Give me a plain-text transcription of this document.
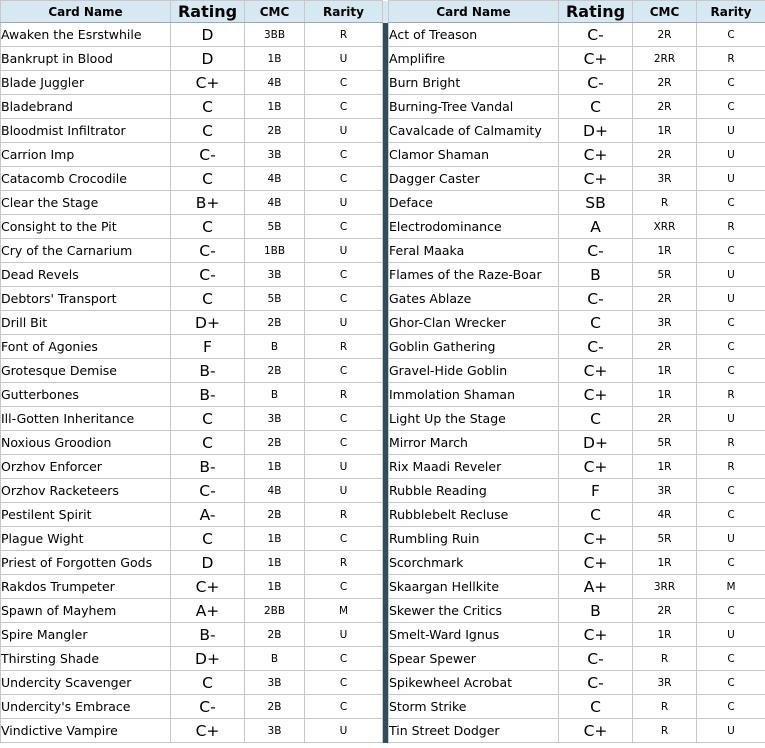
Card Name	Rating	CMC	Rarity		Card Name	Rating	CMC	Rarity
Awaken the Esrstwhile	D	3BB	R		Act of Treason	C-	2R	C
Bankrupt in Blood	D	1B	U		Amplifire	C+	2RR	R
Blade Juggler	C+	4B	C		Burn Bright	C-	2R	C
Bladebrand	C	1B	C		Burning-Tree Vandal	C	2R	C
Bloodmist Infiltrator	C	2B	U		Cavalcade of Calmamity	D+	1R	U
Carrion Imp	C-	3B	C		Clamor Shaman	C+	2R	U
Catacomb Crocodile	C	4B	C		Dagger Caster	C+	3R	U
Clear the Stage	B+	4B	U		Deface	SB	R	C
Consight to the Pit	C	5B	C		Electrodominance	A	XRR	R
Cry of the Carnarium	C-	1BB	U		Feral Maaka	C-	1R	C
Dead Revels	C-	3B	C		Flames of the Raze-Boar	B	5R	U
Debtors' Transport	C	5B	C		Gates Ablaze	C-	2R	U
Drill Bit	D+	2B	U		Ghor-Clan Wrecker	C	3R	C
Font of Agonies	F	B	R		Goblin Gathering	C-	2R	C
Grotesque Demise	B-	2B	C		Gravel-Hide Goblin	C+	1R	C
Gutterbones	B-	B	R		Immolation Shaman	C+	1R	R
Ill-Gotten Inheritance	C	3B	C		Light Up the Stage	C	2R	U
Noxious Groodion	C	2B	C		Mirror March	D+	5R	R
Orzhov Enforcer	B-	1B	U		Rix Maadi Reveler	C+	1R	R
Orzhov Racketeers	C-	4B	U		Rubble Reading	F	3R	C
Pestilent Spirit	A-	2B	R		Rubblebelt Recluse	C	4R	C
Plague Wight	C	1B	C		Rumbling Ruin	C+	5R	U
Priest of Forgotten Gods	D	1B	R		Scorchmark	C+	1R	C
Rakdos Trumpeter	C+	1B	C		Skaargan Hellkite	A+	3RR	M
Spawn of Mayhem	A+	2BB	M		Skewer the Critics	B	2R	C
Spire Mangler	B-	2B	U		Smelt-Ward Ignus	C+	1R	U
Thirsting Shade	D+	B	C		Spear Spewer	C-	R	C
Undercity Scavenger	C	3B	C		Spikewheel Acrobat	C-	3R	C
Undercity's Embrace	C-	2B	C		Storm Strike	C	R	C
Vindictive Vampire	C+	3B	U		Tin Street Dodger	C+	R	U
